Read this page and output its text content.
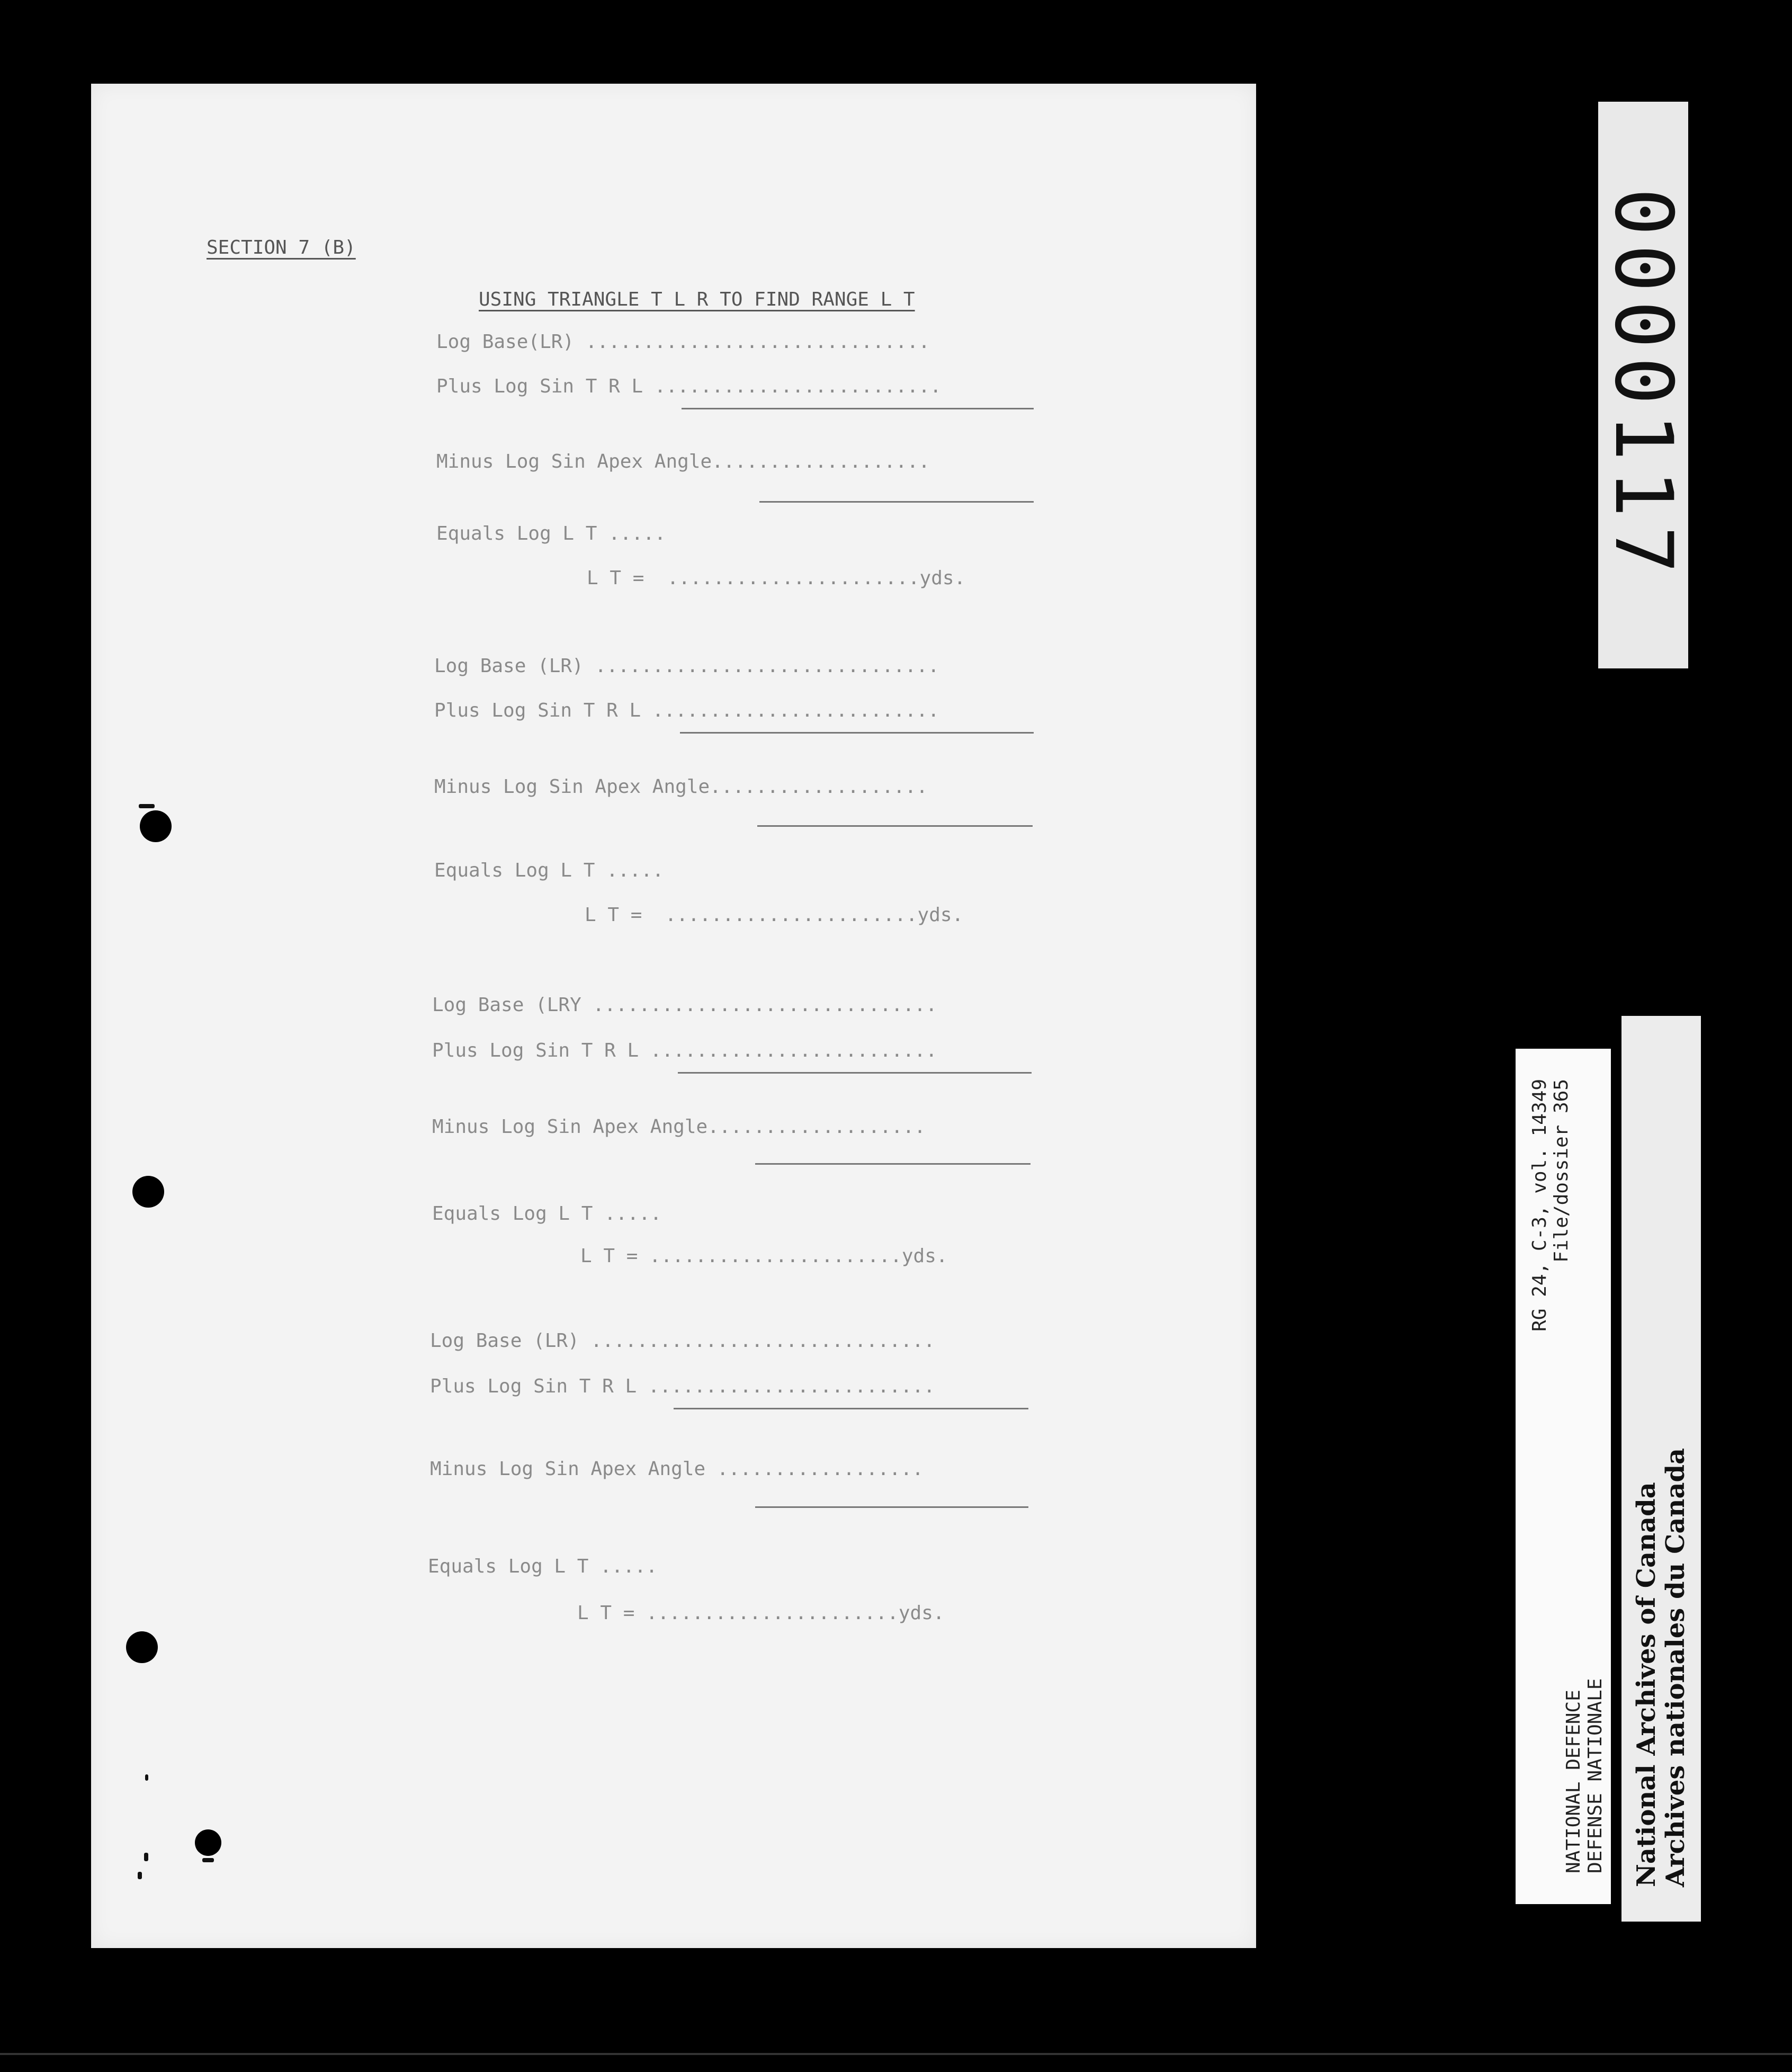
SECTION 7 (B)
USING TRIANGLE T L R TO FIND RANGE L T
Log Base(LR) ..............................
Plus Log Sin T R L .........................
Minus Log Sin Apex Angle...................
Equals Log L T .....
L T =  ......................yds.
Log Base (LR) ..............................
Plus Log Sin T R L .........................
Minus Log Sin Apex Angle...................
Equals Log L T .....
L T =  ......................yds.
Log Base (LRY ..............................
Plus Log Sin T R L .........................
Minus Log Sin Apex Angle...................
Equals Log L T .....
L T = ......................yds.
Log Base (LR) ..............................
Plus Log Sin T R L .........................
Minus Log Sin Apex Angle ..................
Equals Log L T .....
L T = ......................yds.
0000117
RG 24, C-3, vol. 14349 File/dossier 365
NATIONAL DEFENCE DEFENSE NATIONALE National Archives of Canada Archives nationales du Canada
